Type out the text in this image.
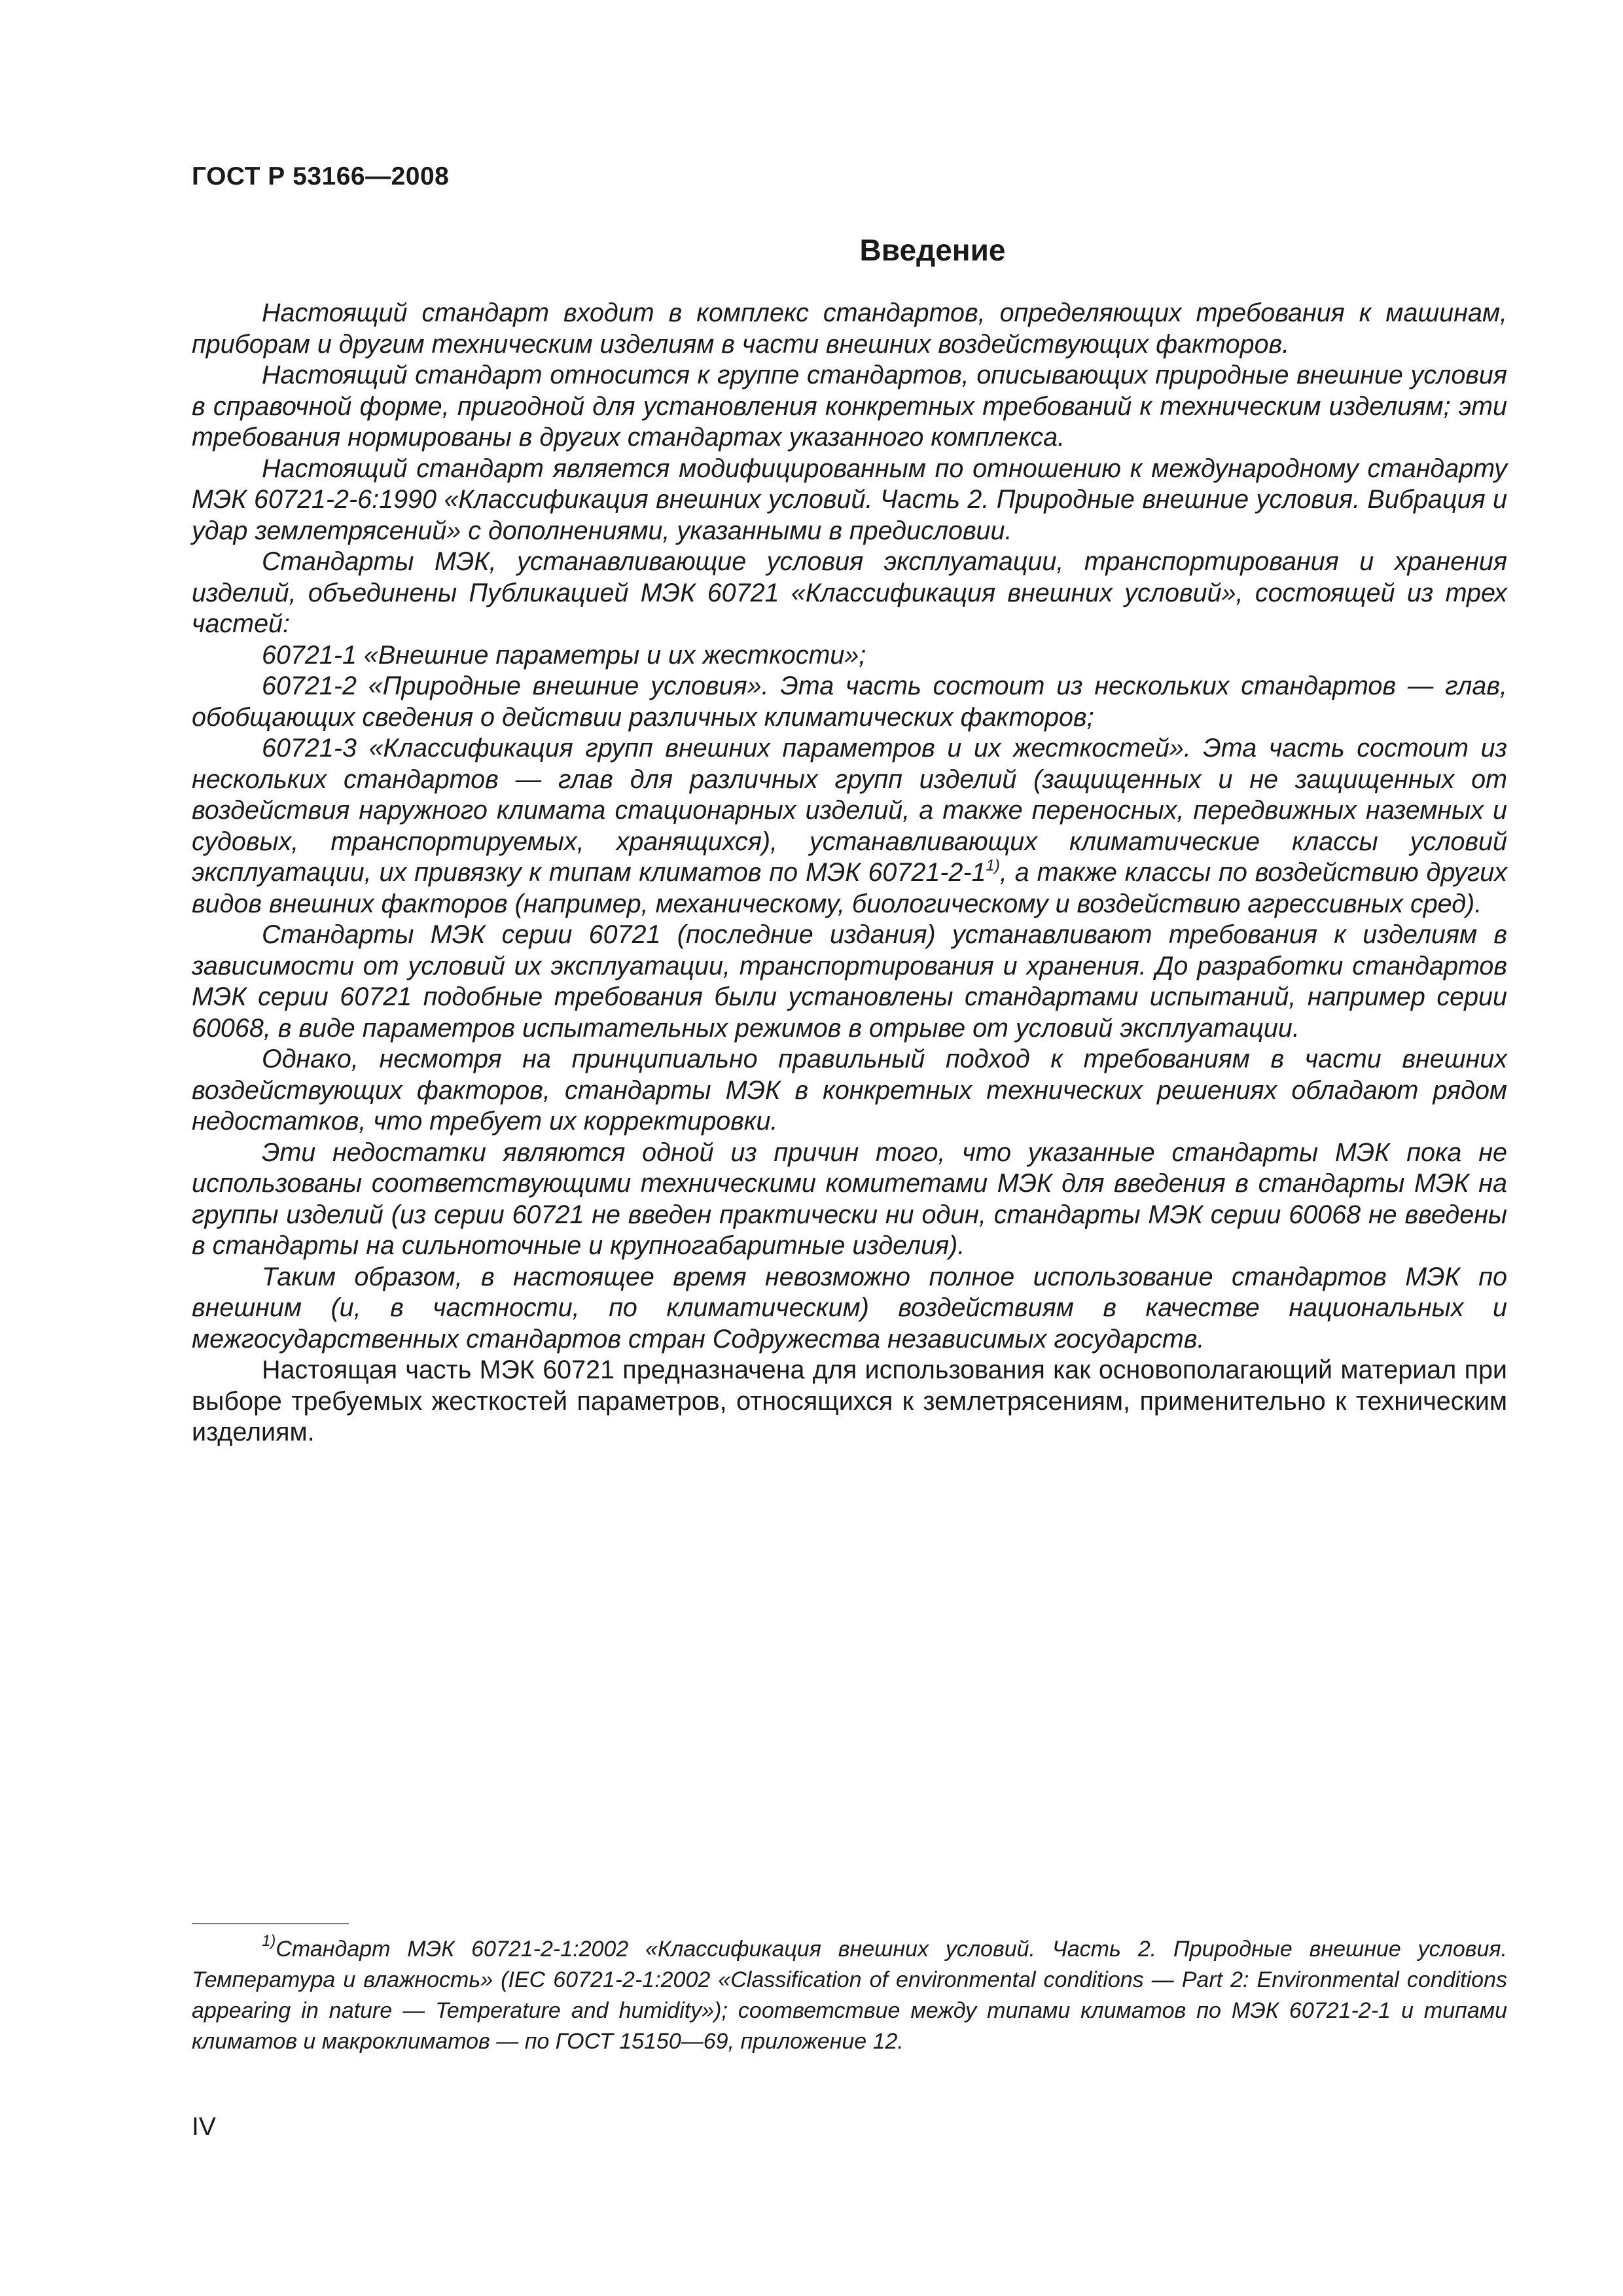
ГОСТ Р 53166—2008
Введение

Настоящий стандарт входит в комплекс стандартов, определяющих требования к машинам, приборам и другим техническим изделиям в части внешних воздействующих факторов.

Настоящий стандарт относится к группе стандартов, описывающих природные внешние условия в справочной форме, пригодной для установления конкретных требований к техническим изделиям; эти требования нормированы в других стандартах указанного комплекса.

Настоящий стандарт является модифицированным по отношению к международному стандарту МЭК 60721-2-6:1990 «Классификация внешних условий. Часть 2. Природные внешние условия. Вибрация и удар землетрясений» с дополнениями, указанными в предисловии.

Стандарты МЭК, устанавливающие условия эксплуатации, транспортирования и хранения изделий, объединены Публикацией МЭК 60721 «Классификация внешних условий», состоящей из трех частей:

60721-1 «Внешние параметры и их жесткости»;

60721-2 «Природные внешние условия». Эта часть состоит из нескольких стандартов — глав, обобщающих сведения о действии различных климатических факторов;

60721-3 «Классификация групп внешних параметров и их жесткостей». Эта часть состоит из нескольких стандартов — глав для различных групп изделий (защищенных и не защищенных от воздействия наружного климата стационарных изделий, а также переносных, передвижных наземных и судовых, транспортируемых, хранящихся), устанавливающих климатические классы условий эксплуатации, их привязку к типам климатов по МЭК 60721-2-1$^{1)}$, а также классы по воздействию других видов внешних факторов (например, механическому, биологическому и воздействию агрессивных сред).

Стандарты МЭК серии 60721 (последние издания) устанавливают требования к изделиям в зависимости от условий их эксплуатации, транспортирования и хранения. До разработки стандартов МЭК серии 60721 подобные требования были установлены стандартами испытаний, например серии 60068, в виде параметров испытательных режимов в отрыве от условий эксплуатации.

Однако, несмотря на принципиально правильный подход к требованиям в части внешних воздействующих факторов, стандарты МЭК в конкретных технических решениях обладают рядом недостатков, что требует их корректировки.

Эти недостатки являются одной из причин того, что указанные стандарты МЭК пока не использованы соответствующими техническими комитетами МЭК для введения в стандарты МЭК на группы изделий (из серии 60721 не введен практически ни один, стандарты МЭК серии 60068 не введены в стандарты на сильноточные и крупногабаритные изделия).

Таким образом, в настоящее время невозможно полное использование стандартов МЭК по внешним (и, в частности, по климатическим) воздействиям в качестве национальных и межгосударственных стандартов стран Содружества независимых государств.

Настоящая часть МЭК 60721 предназначена для использования как основополагающий материал при выборе требуемых жесткостей параметров, относящихся к землетрясениям, применительно к техническим изделиям.

$^{1)}$Стандарт МЭК 60721-2-1:2002 «Классификация внешних условий. Часть 2. Природные внешние условия. Температура и влажность» (IEC 60721-2-1:2002 «Classification of environmental conditions — Part 2: Environmental conditions appearing in nature — Temperature and humidity»); соответствие между типами климатов по МЭК 60721-2-1 и типами климатов и макроклиматов — по ГОСТ 15150—69, приложение 12.

IV
